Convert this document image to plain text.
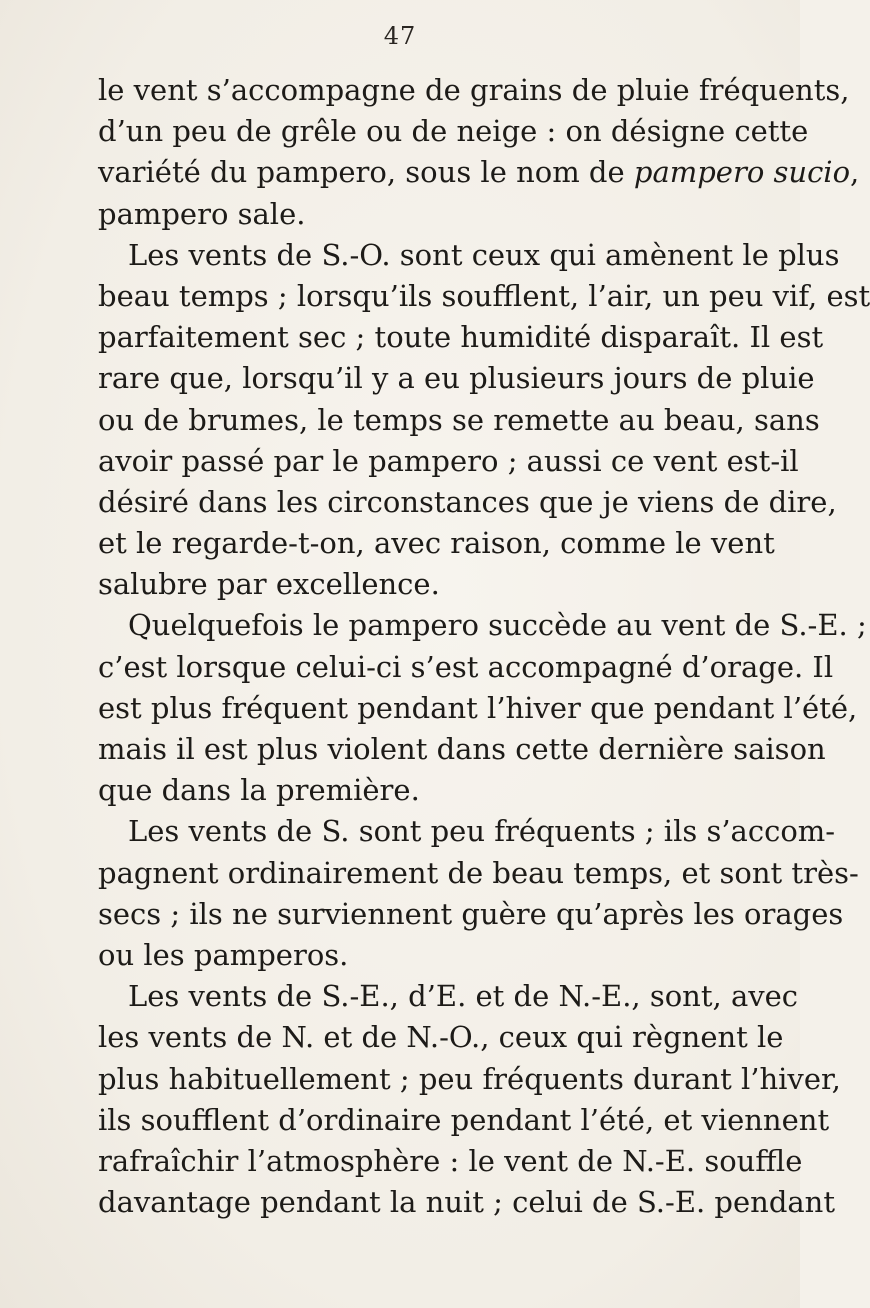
47
le vent s’accompagne de grains de pluie fréquents,
d’un peu de grêle ou de neige : on désigne cette
variété du pampero, sous le nom de pampero sucio,
pampero sale.
Les vents de S.-O. sont ceux qui amènent le plus
beau temps ; lorsqu’ils soufflent, l’air, un peu vif, est
parfaitement sec ; toute humidité disparaît. Il est
rare que, lorsqu’il y a eu plusieurs jours de pluie
ou de brumes, le temps se remette au beau, sans
avoir passé par le pampero ; aussi ce vent est-il
désiré dans les circonstances que je viens de dire,
et le regarde-t-on, avec raison, comme le vent
salubre par excellence.
Quelquefois le pampero succède au vent de S.-E. ;
c’est lorsque celui-ci s’est accompagné d’orage. Il
est plus fréquent pendant l’hiver que pendant l’été,
mais il est plus violent dans cette dernière saison
que dans la première.
Les vents de S. sont peu fréquents ; ils s’accom-
pagnent ordinairement de beau temps, et sont très-
secs ; ils ne surviennent guère qu’après les orages
ou les pamperos.
Les vents de S.-E., d’E. et de N.-E., sont, avec
les vents de N. et de N.-O., ceux qui règnent le
plus habituellement ; peu fréquents durant l’hiver,
ils soufflent d’ordinaire pendant l’été, et viennent
rafraîchir l’atmosphère : le vent de N.-E. souffle
davantage pendant la nuit ; celui de S.-E. pendant
